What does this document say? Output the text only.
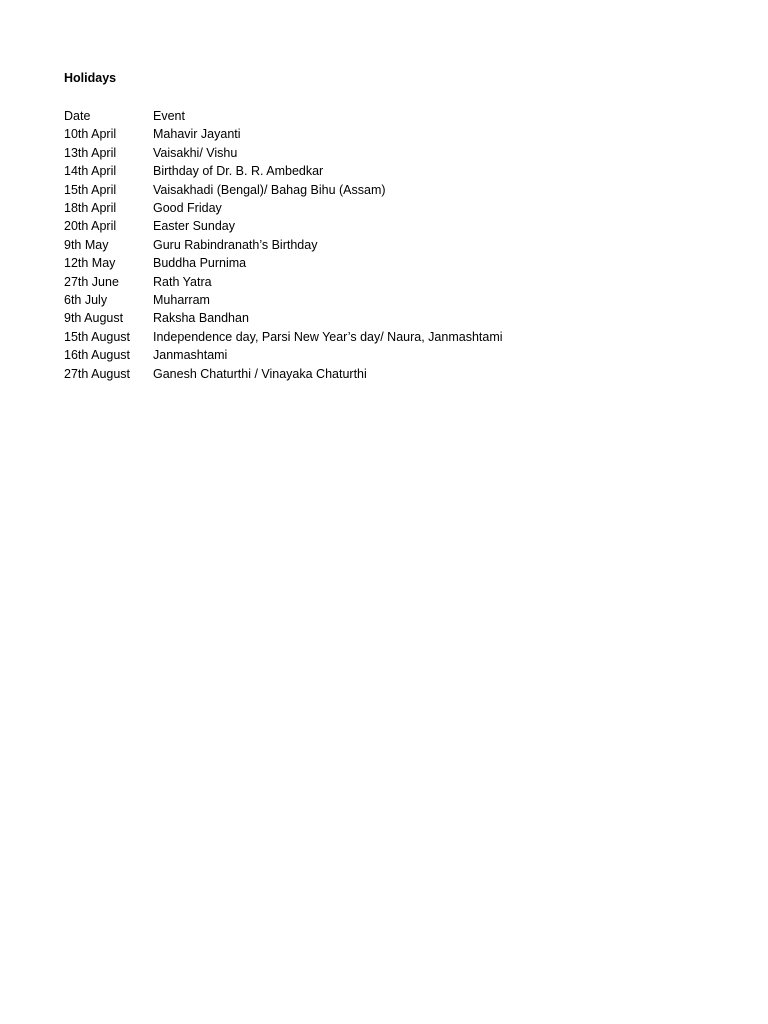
Holidays
Date	Event
10th April	Mahavir Jayanti
13th April	Vaisakhi/ Vishu
14th April	Birthday of Dr. B. R. Ambedkar
15th April	Vaisakhadi (Bengal)/ Bahag Bihu (Assam)
18th April	Good Friday
20th April	Easter Sunday
9th May	Guru Rabindranath’s Birthday
12th May	Buddha Purnima
27th June	Rath Yatra
6th July	Muharram
9th August	Raksha Bandhan
15th August	Independence day, Parsi New Year’s day/ Naura, Janmashtami
16th August	Janmashtami
27th August	Ganesh Chaturthi / Vinayaka Chaturthi
